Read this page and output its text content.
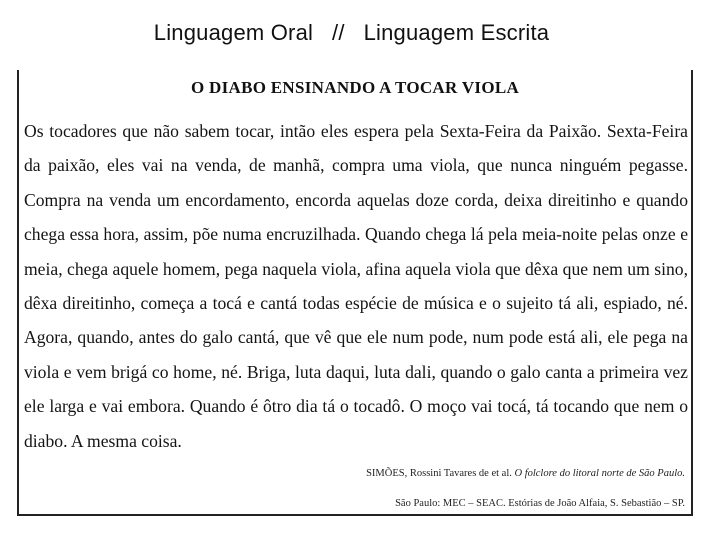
Linguagem Oral   //   Linguagem Escrita
O DIABO ENSINANDO A TOCAR VIOLA
Os tocadores que não sabem tocar, intão eles espera pela Sexta-Feira da Paixão. Sexta-Feira
da paixão, eles vai na venda, de manhã, compra uma viola, que nunca ninguém pegasse.
Compra na venda um encordamento, encorda aquelas doze corda, deixa direitinho e quando
chega essa hora, assim, põe numa encruzilhada. Quando chega lá pela meia-noite pelas onze e
meia, chega aquele homem, pega naquela viola, afina aquela viola que dêxa que nem um sino,
dêxa direitinho, começa a tocá e cantá todas espécie de música e o sujeito tá ali, espiado, né.
Agora, quando, antes do galo cantá, que vê que ele num pode, num pode está ali, ele pega na
viola e vem brigá co home, né. Briga, luta daqui, luta dali, quando o galo canta a primeira vez
ele larga e vai embora. Quando é ôtro dia tá o tocadô. O moço vai tocá, tá tocando que nem o
diabo. A mesma coisa.
SIMÕES, Rossini Tavares de et al. O folclore do litoral norte de São Paulo.
São Paulo: MEC – SEAC. Estórias de João Alfaia, S. Sebastião – SP.
